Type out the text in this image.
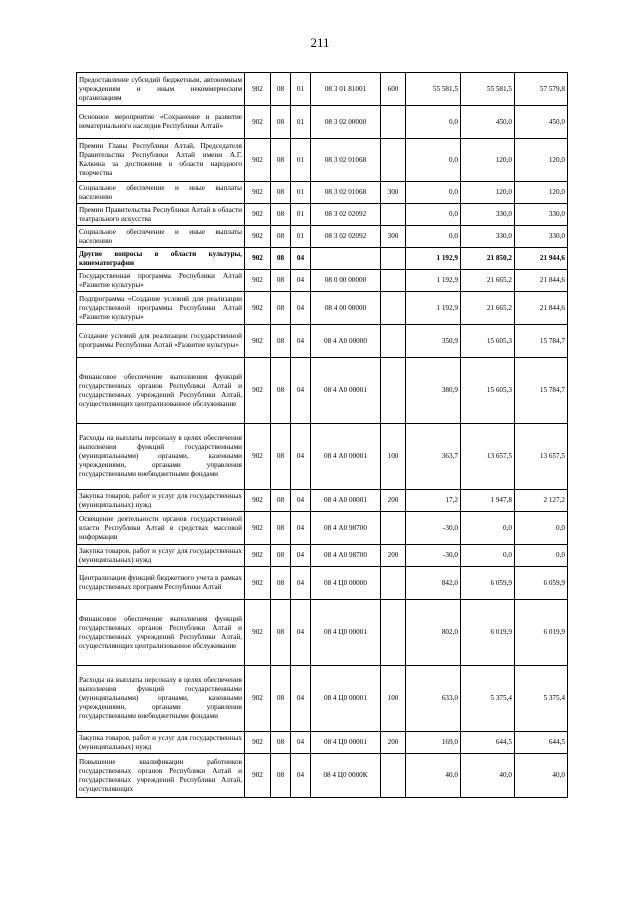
211
Предоставление субсидий бюджетным, автономным учреждениям и иным некоммерческим организациям	902	08	01	08 3 01 81001	600	55 581,5	55 581,5	57 579,8
Основное мероприятие «Сохранение и развитие нематериального наследия Республики Алтай»	902	08	01	08 3 02 00000		0,0	450,0	450,0
Премии Главы Республики Алтай, Председателя Правительства Республики Алтай имени А.Г. Калкина за достижения в области народного творчества	902	08	01	08 3 02 01068		0,0	120,0	120,0
Социальное обеспечение и иные выплаты населению	902	08	01	08 3 02 01068	300	0,0	120,0	120,0
Премии Правительства Республики Алтай в области театрального искусства	902	08	01	08 3 02 02092		0,0	330,0	330,0
Социальное обеспечение и иные выплаты населению	902	08	01	08 3 02 02092	300	0,0	330,0	330,0
Другие вопросы в области культуры, кинематографии	902	08	04			1 192,9	21 850,2	21 944,6
Государственная программа Республики Алтай «Развитие культуры»	902	08	04	08 0 00 00000		1 192,9	21 665,2	21 844,6
Подпрограмма «Создание условий для реализации государственной программы Республики Алтай «Развитие культуры»	902	08	04	08 4 00 00000		1 192,9	21 665,2	21 844,6
Создание условий для реализации государственной программы Республики Алтай «Развитие культуры»	902	08	04	08 4 А0 00000		350,9	15 605,3	15 784,7
Финансовое обеспечение выполнения функций государственных органов Республики Алтай и государственных учреждений Республики Алтай, осуществляющих централизованное обслуживание	902	08	04	08 4 А0 00001		380,9	15 605,3	15 784,7
Расходы на выплаты персоналу в целях обеспечения выполнения функций государственными (муниципальными) органами, казенными учреждениями, органами управления государственными внебюджетными фондами	902	08	04	08 4 А0 00001	100	363,7	13 657,5	13 657,5
Закупка товаров, работ и услуг для государственных (муниципальных) нужд	902	08	04	08 4 А0 00001	200	17,2	1 947,8	2 127,2
Освещение деятельности органов государственной власти Республики Алтай в средствах массовой информации	902	08	04	08 4 А0 98700		-30,0	0,0	0,0
Закупка товаров, работ и услуг для государственных (муниципальных) нужд	902	08	04	08 4 А0 98700	200	-30,0	0,0	0,0
Централизация функций бюджетного учета в рамках государственных программ Республики Алтай	902	08	04	08 4 Ц0 00000		842,0	6 059,9	6 059,9
Финансовое обеспечение выполнения функций государственных органов Республики Алтай и государственных учреждений Республики Алтай, осуществляющих централизованное обслуживание	902	08	04	08 4 Ц0 00001		802,0	6 019,9	6 019,9
Расходы на выплаты персоналу в целях обеспечения выполнения функций государственными (муниципальными) органами, казенными учреждениями, органами управления государственными внебюджетными фондами	902	08	04	08 4 Ц0 00001	100	633,0	5 375,4	5 375,4
Закупка товаров, работ и услуг для государственных (муниципальных) нужд	902	08	04	08 4 Ц0 00001	200	169,0	644,5	644,5
Повышение квалификации работников государственных органов Республики Алтай и государственных учреждений Республики Алтай, осуществляющих	902	08	04	08 4 Ц0 0000К		40,0	40,0	40,0
